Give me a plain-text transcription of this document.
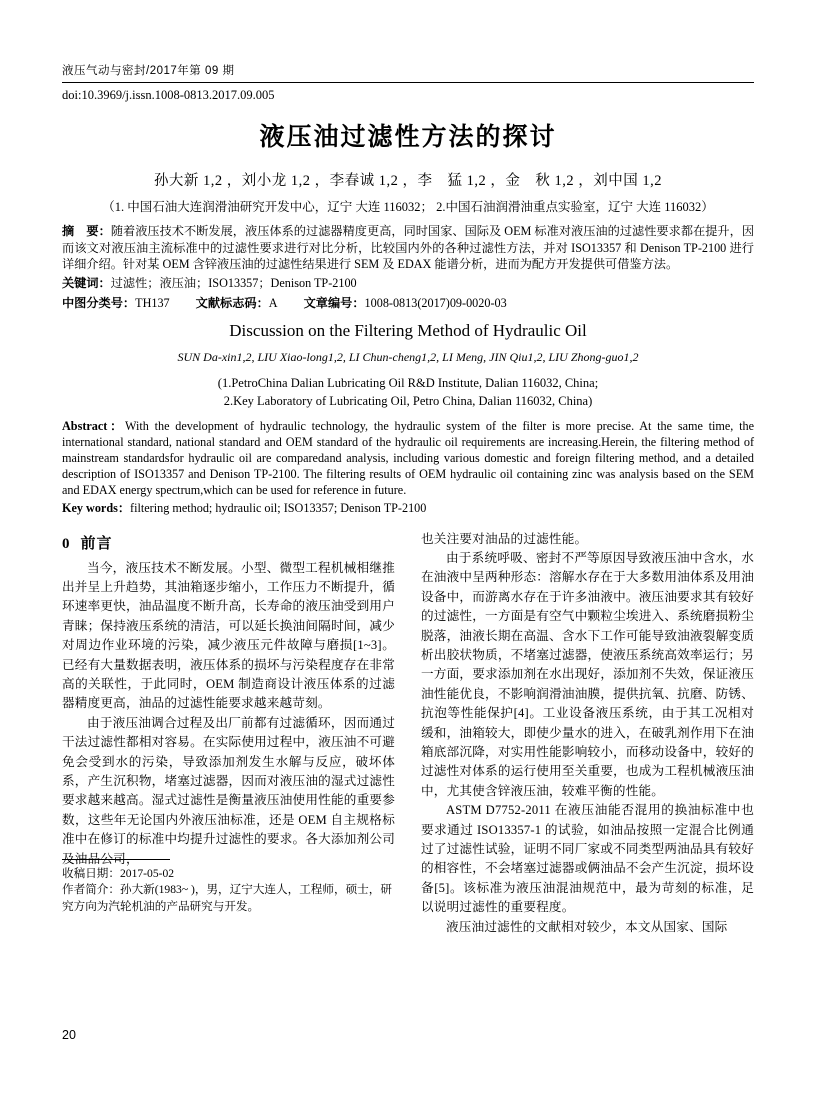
液压气动与密封/2017年第 09 期
doi:10.3969/j.issn.1008-0813.2017.09.005
液压油过滤性方法的探讨
孙大新 1,2 ，刘小龙 1,2 ，李春诚 1,2 ，李　猛 1,2 ，金　秋 1,2 ，刘中国 1,2
（1. 中国石油大连润滑油研究开发中心，辽宁 大连 116032； 2.中国石油润滑油重点实验室，辽宁 大连 116032）
摘　要：随着液压技术不断发展，液压体系的过滤器精度更高，同时国家、国际及 OEM 标准对液压油的过滤性要求都在提升，因而该文对液压油主流标准中的过滤性要求进行对比分析，比较国内外的各种过滤性方法，并对 ISO13357 和 Denison TP-2100 进行详细介绍。针对某 OEM 含锌液压油的过滤性结果进行 SEM 及 EDAX 能谱分析，进而为配方开发提供可借鉴方法。
关键词：过滤性；液压油；ISO13357；Denison TP-2100
中图分类号：TH137 文献标志码：A 文章编号：1008-0813(2017)09-0020-03
Discussion on the Filtering Method of Hydraulic Oil
SUN Da-xin1,2, LIU Xiao-long1,2, LI Chun-cheng1,2, LI Meng, JIN Qiu1,2, LIU Zhong-guo1,2
(1.PetroChina Dalian Lubricating Oil R&D Institute, Dalian 116032, China;
2.Key Laboratory of Lubricating Oil, Petro China, Dalian 116032, China)
Abstract：With the development of hydraulic technology, the hydraulic system of the filter is more precise. At the same time, the international standard, national standard and OEM standard of the hydraulic oil requirements are increasing.Herein, the filtering method of mainstream standardsfor hydraulic oil are comparedand analysis, including various domestic and foreign filtering method, and a detailed description of ISO13357 and Denison TP-2100. The filtering results of OEM hydraulic oil containing zinc was analysis based on the SEM and EDAX energy spectrum,which can be used for reference in future.
Key words：filtering method; hydraulic oil; ISO13357; Denison TP-2100
0 前言

当今，液压技术不断发展。小型、微型工程机械相继推出并呈上升趋势，其油箱逐步缩小，工作压力不断提升，循环速率更快，油品温度不断升高，长寿命的液压油受到用户青睐；保持液压系统的清洁，可以延长换油间隔时间，减少对周边作业环境的污染，减少液压元件故障与磨损[1~3]。已经有大量数据表明，液压体系的损坏与污染程度存在非常高的关联性，于此同时，OEM 制造商设计液压体系的过滤器精度更高，油品的过滤性能要求越来越苛刻。

由于液压油调合过程及出厂前都有过滤循环，因而通过干法过滤性都相对容易。在实际使用过程中，液压油不可避免会受到水的污染，导致添加剂发生水解与反应，破坏体系，产生沉积物，堵塞过滤器，因而对液压油的湿式过滤性要求越来越高。湿式过滤性是衡量液压油使用性能的重要参数，这些年无论国内外液压油标准，还是 OEM 自主规格标准中在修订的标准中均提升过滤性的要求。各大添加剂公司及油品公司，

收稿日期：2017-05-02

作者简介：孙大新(1983~ )，男，辽宁大连人，工程师，硕士，研究方向为汽轮机油的产品研究与开发。

也关注要对油品的过滤性能。

由于系统呼吸、密封不严等原因导致液压油中含水，水在油液中呈两种形态：溶解水存在于大多数用油体系及用油设备中，而游离水存在于许多油液中。液压油要求其有较好的过滤性，一方面是有空气中颗粒尘埃进入、系统磨损粉尘脱落，油液长期在高温、含水下工作可能导致油液裂解变质析出胶状物质，不堵塞过滤器，使液压系统高效率运行；另一方面，要求添加剂在水出现好，添加剂不失效，保证液压油性能优良，不影响润滑油油膜，提供抗氧、抗磨、防锈、抗泡等性能保护[4]。工业设备液压系统，由于其工况相对缓和，油箱较大，即使少量水的进入，在破乳剂作用下在油箱底部沉降，对实用性能影响较小，而移动设备中，较好的过滤性对体系的运行使用至关重要，也成为工程机械液压油中，尤其使含锌液压油，较难平衡的性能。

ASTM D7752-2011 在液压油能否混用的换油标准中也要求通过 ISO13357-1 的试验，如油品按照一定混合比例通过了过滤性试验，证明不同厂家或不同类型两油品具有较好的相容性，不会堵塞过滤器或俩油品不会产生沉淀，损坏设备[5]。该标准为液压油混油规范中，最为苛刻的标准，足以说明过滤性的重要程度。

液压油过滤性的文献相对较少，本文从国家、国际

20
